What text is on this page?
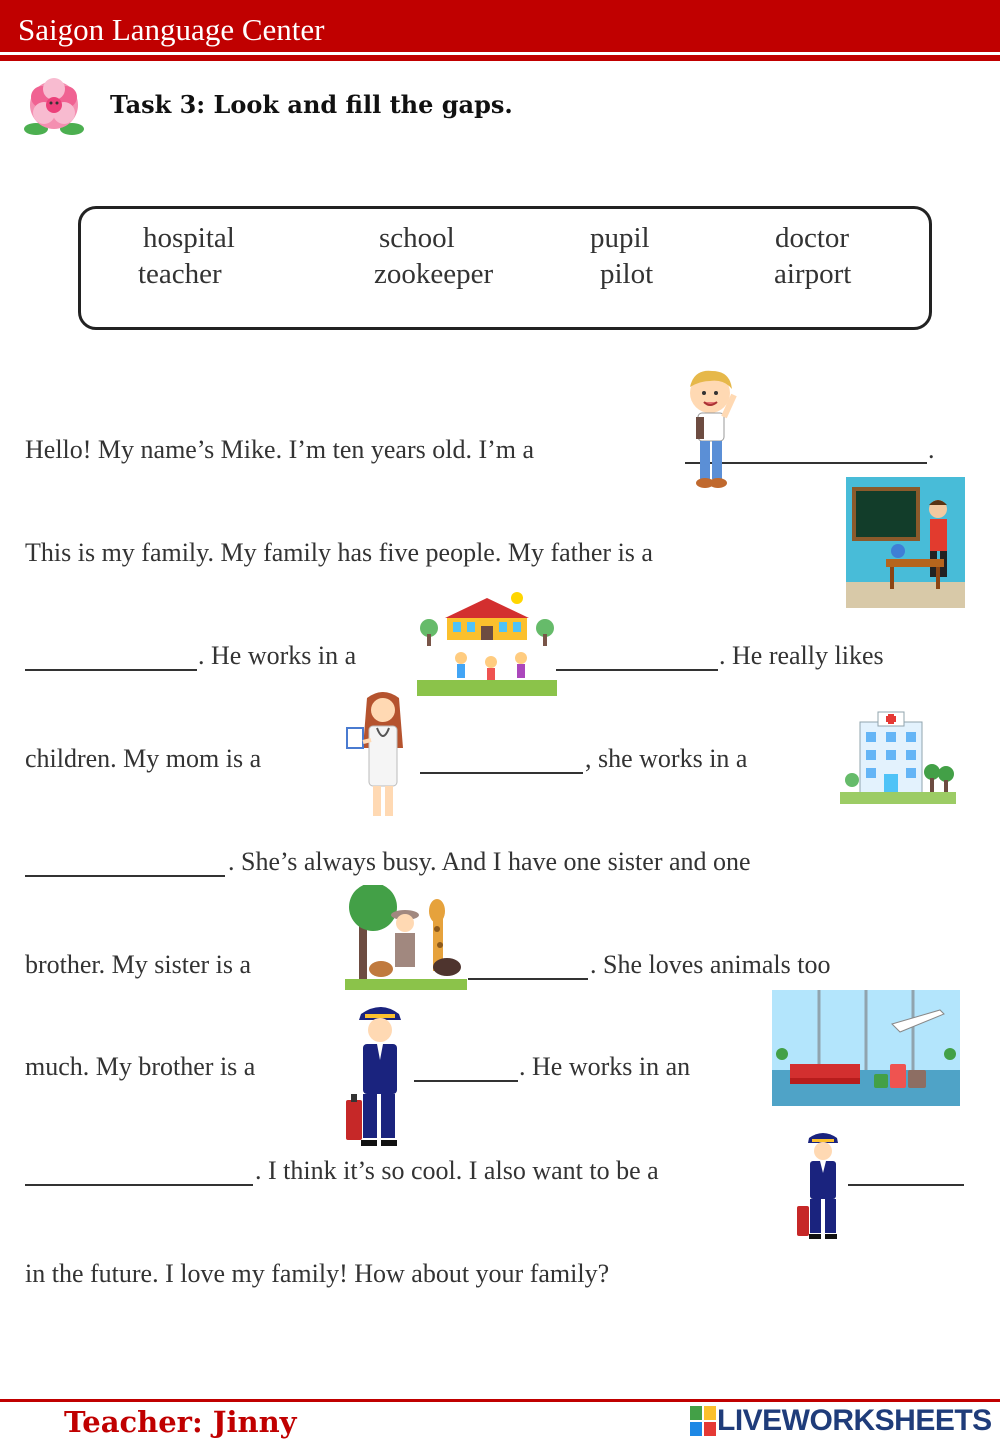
Saigon Language Center
Task 3: Look and fill the gaps.
hospital	school	pupil	doctor
teacher	zookeeper	pilot	airport
Hello! My name’s Mike. I’m ten years old. I’m a	.
This is my family. My family has five people. My father is a
. He works in a	. He really likes
children. My mom is a	, she works in a
. She’s always busy. And I have one sister and one
brother. My sister is a	. She loves animals too
much. My brother is a	. He works in an
. I think it’s so cool. I also want to be a
in the future. I love my family! How about your family?
Teacher: Jinny	LIVEWORKSHEETS
